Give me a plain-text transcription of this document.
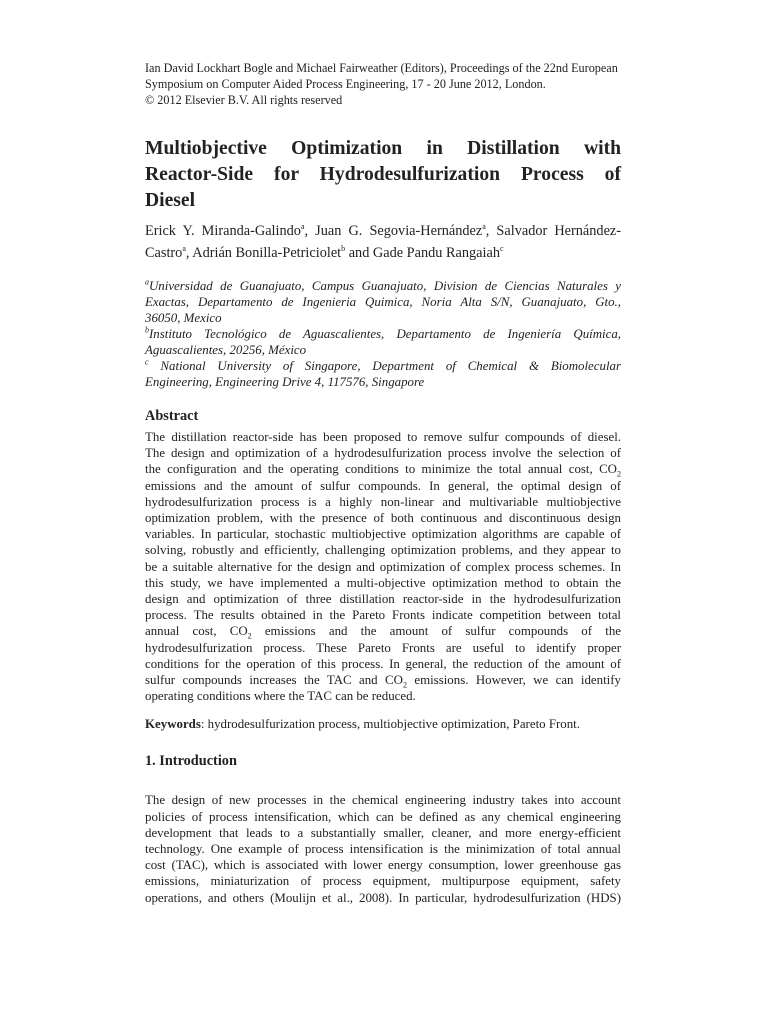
Ian David Lockhart Bogle and Michael Fairweather (Editors), Proceedings of the 22nd European
Symposium on Computer Aided Process Engineering, 17 - 20 June 2012, London.
© 2012 Elsevier B.V. All rights reserved
Multiobjective Optimization in Distillation with
Reactor-Side for Hydrodesulfurization Process of
Diesel
Erick Y. Miranda-Galindo$^a$, Juan G. Segovia-Hernández$^a$, Salvador Hernández-
Castro$^a$, Adrián Bonilla-Petriciolet$^b$ and Gade Pandu Rangaiah$^c$
$^a$Universidad de Guanajuato, Campus Guanajuato, Division de Ciencias Naturales y
Exactas, Departamento de Ingenieria Quimica, Noria Alta S/N, Guanajuato, Gto.,
36050, Mexico
$^b$Instituto Tecnológico de Aguascalientes, Departamento de Ingeniería Química,
Aguascalientes, 20256, México
$^c$ National University of Singapore, Department of Chemical & Biomolecular
Engineering, Engineering Drive 4, 117576, Singapore
Abstract
The distillation reactor-side has been proposed to remove sulfur compounds of diesel.
The design and optimization of a hydrodesulfurization process involve the selection of
the configuration and the operating conditions to minimize the total annual cost, $CO_2$
emissions and the amount of sulfur compounds. In general, the optimal design of
hydrodesulfurization process is a highly non-linear and multivariable multiobjective
optimization problem, with the presence of both continuous and discontinuous design
variables. In particular, stochastic multiobjective optimization algorithms are capable of
solving, robustly and efficiently, challenging optimization problems, and they appear to
be a suitable alternative for the design and optimization of complex process schemes. In
this study, we have implemented a multi-objective optimization method to obtain the
design and optimization of three distillation reactor-side in the hydrodesulfurization
process. The results obtained in the Pareto Fronts indicate competition between total
annual cost, $CO_2$ emissions and the amount of sulfur compounds of the
hydrodesulfurization process. These Pareto Fronts are useful to identify proper
conditions for the operation of this process. In general, the reduction of the amount of
sulfur compounds increases the TAC and $CO_2$ emissions. However, we can identify
operating conditions where the TAC can be reduced.

Keywords: hydrodesulfurization process, multiobjective optimization, Pareto Front.

1. Introduction
The design of new processes in the chemical engineering industry takes into account
policies of process intensification, which can be defined as any chemical engineering
development that leads to a substantially smaller, cleaner, and more energy-efficient
technology. One example of process intensification is the minimization of total annual
cost (TAC), which is associated with lower energy consumption, lower greenhouse gas
emissions, miniaturization of process equipment, multipurpose equipment, safety
operations, and others (Moulijn et al., 2008). In particular, hydrodesulfurization (HDS)
